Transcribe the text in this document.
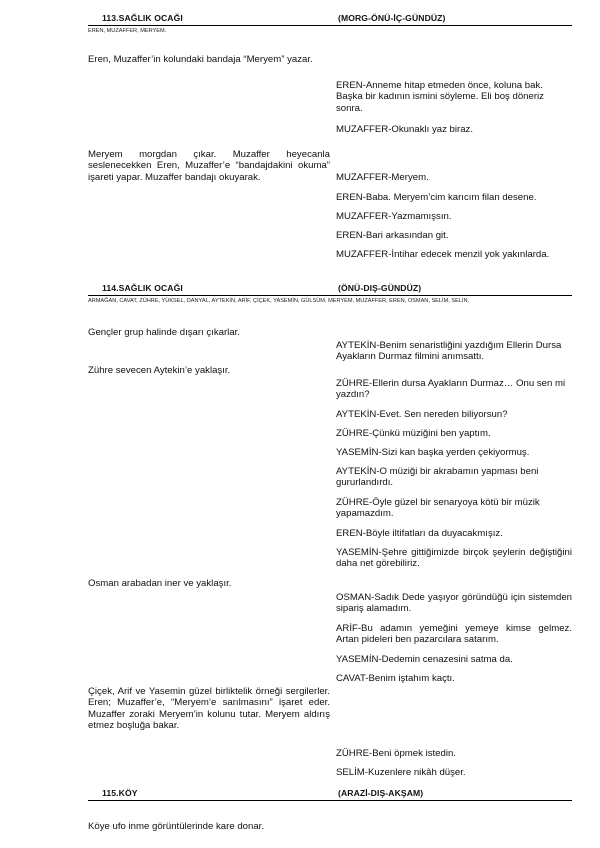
113.SAĞLIK OCAĞI	(MORG-ÖNÜ-İÇ-GÜNDÜZ)
EREN, MUZAFFER, MERYEM.
Eren, Muzaffer’in kolundaki bandaja “Meryem” yazar.
EREN-Anneme hitap etmeden önce, koluna bak. Başka bir kadının ismini söyleme. Eli boş döneriz sonra.
MUZAFFER-Okunaklı yaz biraz.
Meryem morgdan çıkar. Muzaffer heyecanla seslenecekken Eren, Muzaffer’e “bandajdakini okuma” işareti yapar. Muzaffer bandajı okuyarak.	MUZAFFER-Meryem.
EREN-Baba. Meryem’cim karıcım filan desene.
MUZAFFER-Yazmamışsın.
EREN-Bari arkasından git.
MUZAFFER-İntihar edecek menzil yok yakınlarda.
114.SAĞLIK OCAĞI	(ÖNÜ-DIŞ-GÜNDÜZ)
ARMAĞAN, CAVAT, ZÜHRE, YÜKSEL, DANYAL, AYTEKİN, ARİF, ÇİÇEK, YASEMİN, GÜLSÜM, MERYEM, MUZAFFER, EREN, OSMAN, SELİM, SELİN.
Gençler grup halinde dışarı çıkarlar.
AYTEKİN-Benim senaristliğini yazdığım Ellerin Dursa Ayakların Durmaz filmini anımsattı.
Zühre sevecen Aytekin’e yaklaşır.
ZÜHRE-Ellerin dursa Ayakların Durmaz… Onu sen mi yazdın?
AYTEKİN-Evet. Sen nereden biliyorsun?
ZÜHRE-Çünkü müziğini ben yaptım.
YASEMİN-Sizi kan başka yerden çekiyormuş.
AYTEKİN-O müziği bir akrabamın yapması beni gururlandırdı.
ZÜHRE-Öyle güzel bir senaryoya kötü bir müzik yapamazdım.
EREN-Böyle iltifatları da duyacakmışız.
YASEMİN-Şehre gittiğimizde birçok şeylerin değiştiğini daha net görebiliriz.
Osman arabadan iner ve yaklaşır.
OSMAN-Sadık Dede yaşıyor göründüğü için sistemden sipariş alamadım.
ARİF-Bu adamın yemeğini yemeye kimse gelmez. Artan pideleri ben pazarcılara satarım.
YASEMİN-Dedemin cenazesini satma da.
CAVAT-Benim iştahım kaçtı.
Çiçek, Arif ve Yasemin güzel birliktelik örneği sergilerler. Eren; Muzaffer’e, “Meryem’e sarılmasını” işaret eder. Muzaffer zoraki Meryem’in kolunu tutar. Meryem aldırış etmez boşluğa bakar.
ZÜHRE-Beni öpmek istedin.
SELİM-Kuzenlere nikâh düşer.
115.KÖY	(ARAZİ-DIŞ-AKŞAM)
Köye ufo inme görüntülerinde kare donar.
